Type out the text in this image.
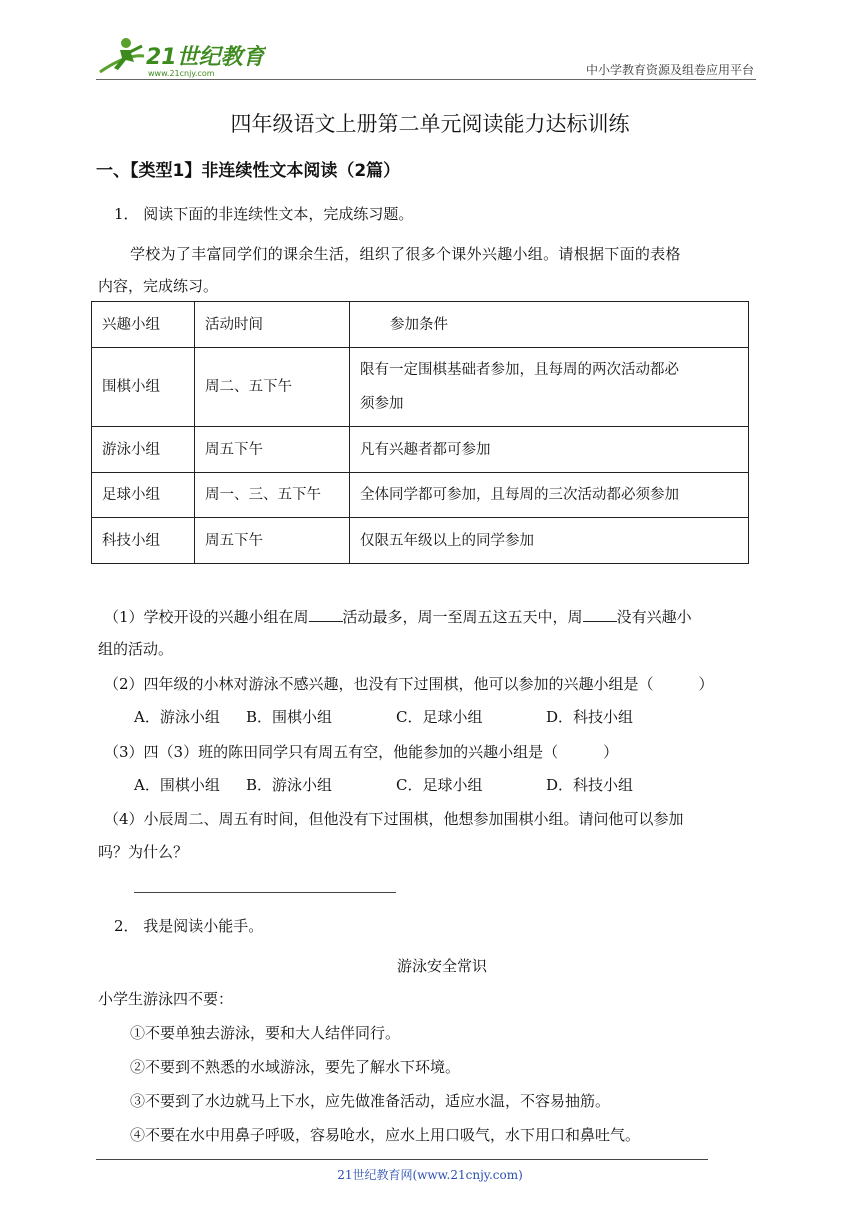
21世纪教育
www.21cnjy.com	中小学教育资源及组卷应用平台
四年级语文上册第二单元阅读能力达标训练
一、【类型1】非连续性文本阅读（2篇）
1． 阅读下面的非连续性文本，完成练习题。
学校为了丰富同学们的课余生活，组织了很多个课外兴趣小组。请根据下面的表格
内容，完成练习。
兴趣小组	活动时间	参加条件
围棋小组	周二、五下午	限有一定围棋基础者参加，且每周的两次活动都必
须参加

游泳小组	周五下午	凡有兴趣者都可参加
足球小组	周一、三、五下午	全体同学都可参加，且每周的三次活动都必须参加
科技小组	周五下午	仅限五年级以上的同学参加
（1）学校开设的兴趣小组在周 活动最多，周一至周五这五天中，周 没有兴趣小
组的活动。
（2）四年级的小林对游泳不感兴趣，也没有下过围棋，他可以参加的兴趣小组是（　　　）
A．游泳小组 B．围棋小组	C．足球小组	D．科技小组
（3）四（3）班的陈田同学只有周五有空，他能参加的兴趣小组是（　　　）
A．围棋小组 B．游泳小组	C．足球小组	D．科技小组
（4）小辰周二、周五有时间，但他没有下过围棋，他想参加围棋小组。请问他可以参加
吗？为什么？
2． 我是阅读小能手。
游泳安全常识
小学生游泳四不要：
①不要单独去游泳，要和大人结伴同行。
②不要到不熟悉的水域游泳，要先了解水下环境。
③不要到了水边就马上下水，应先做准备活动，适应水温，不容易抽筋。
④不要在水中用鼻子呼吸，容易呛水，应水上用口吸气，水下用口和鼻吐气。
21世纪教育网(www.21cnjy.com)
